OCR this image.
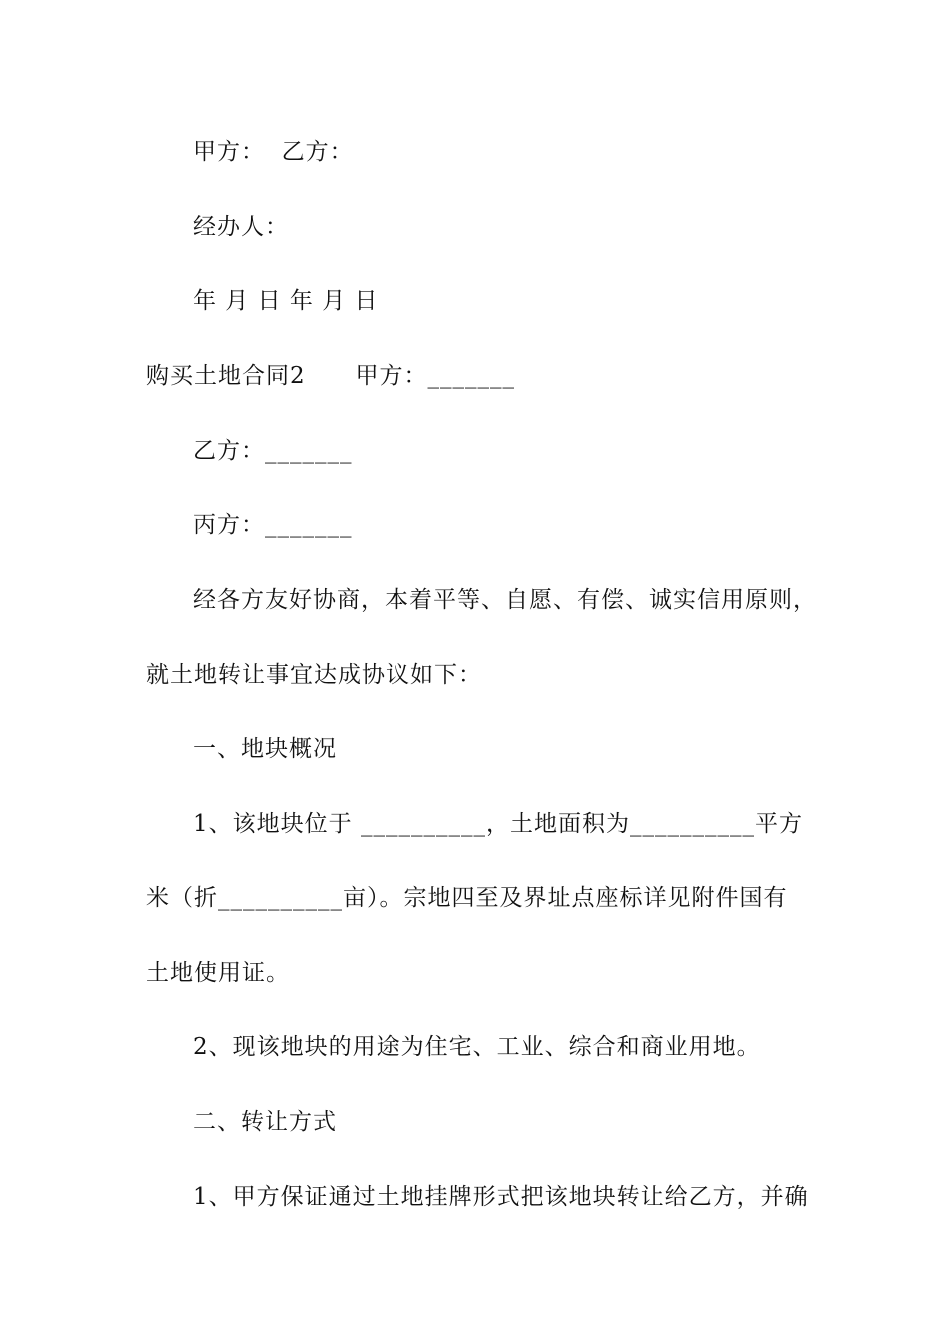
甲方：  乙方：
经办人：
年 月 日 年 月 日
购买土地合同2      甲方：_______
乙方：_______
丙方：_______
经各方友好协商，本着平等、自愿、有偿、诚实信用原则，
就土地转让事宜达成协议如下：
一、地块概况
1、该地块位于 __________，土地面积为__________平方
米（折__________亩）。宗地四至及界址点座标详见附件国有
土地使用证。
2、现该地块的用途为住宅、工业、综合和商业用地。
二、转让方式
1、甲方保证通过土地挂牌形式把该地块转让给乙方，并确
